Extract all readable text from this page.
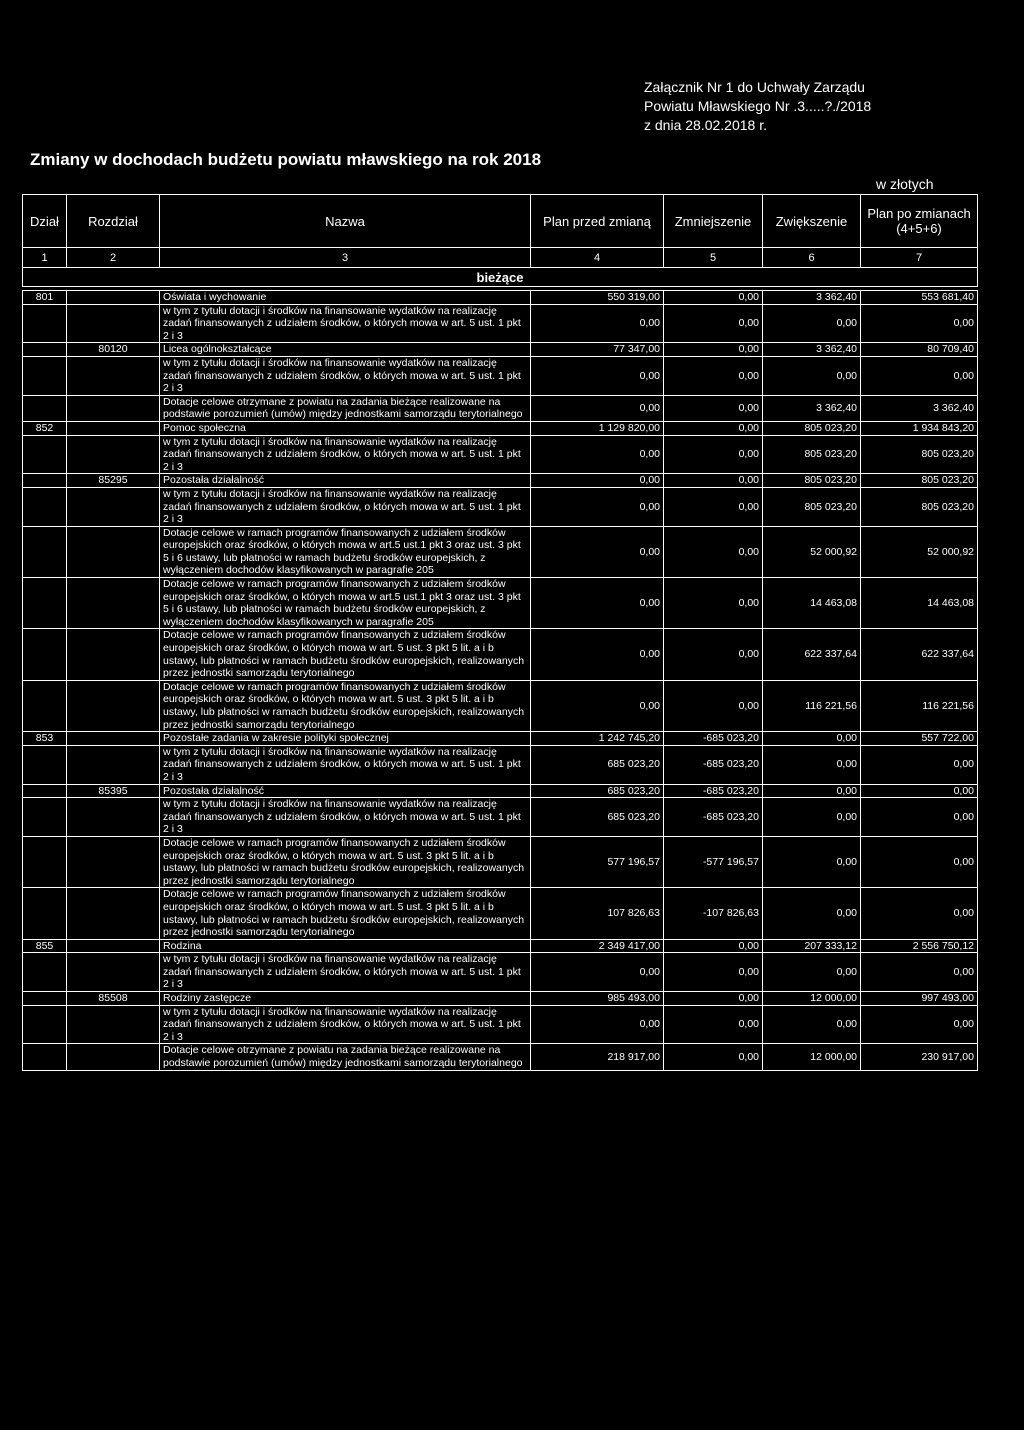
Załącznik Nr 1 do Uchwały Zarządu
Powiatu Mławskiego Nr .3.....?./2018
z dnia 28.02.2018 r.
Zmiany w dochodach budżetu powiatu mławskiego na rok 2018
w złotych
Dział	Rozdział	Nazwa	Plan przed zmianą	Zmniejszenie	Zwiększenie	Plan po zmianach (4+5+6)
1	2	3	4	5	6	7
bieżące						
801		Oświata i wychowanie	550 319,00	0,00	3 362,40	553 681,40
		w tym z tytułu dotacji i środków na finansowanie wydatków na realizację zadań finansowanych z udziałem środków, o których mowa w art. 5 ust. 1 pkt 2 i 3	0,00	0,00	0,00	0,00
	80120	Licea ogólnokształcące	77 347,00	0,00	3 362,40	80 709,40
		w tym z tytułu dotacji i środków na finansowanie wydatków na realizację zadań finansowanych z udziałem środków, o których mowa w art. 5 ust. 1 pkt 2 i 3	0,00	0,00	0,00	0,00
		Dotacje celowe otrzymane z powiatu na zadania bieżące realizowane na podstawie porozumień (umów) między jednostkami samorządu terytorialnego	0,00	0,00	3 362,40	3 362,40
852		Pomoc społeczna	1 129 820,00	0,00	805 023,20	1 934 843,20
		w tym z tytułu dotacji i środków na finansowanie wydatków na realizację zadań finansowanych z udziałem środków, o których mowa w art. 5 ust. 1 pkt 2 i 3	0,00	0,00	805 023,20	805 023,20
	85295	Pozostała działalność	0,00	0,00	805 023,20	805 023,20
		w tym z tytułu dotacji i środków na finansowanie wydatków na realizację zadań finansowanych z udziałem środków, o których mowa w art. 5 ust. 1 pkt 2 i 3	0,00	0,00	805 023,20	805 023,20
		Dotacje celowe w ramach programów finansowanych z udziałem środków europejskich oraz środków, o których mowa w art.5 ust.1 pkt 3 oraz ust. 3 pkt 5 i 6 ustawy, lub płatności w ramach budżetu środków europejskich, z wyłączeniem dochodów klasyfikowanych w paragrafie 205	0,00	0,00	52 000,92	52 000,92
		Dotacje celowe w ramach programów finansowanych z udziałem środków europejskich oraz środków, o których mowa w art.5 ust.1 pkt 3 oraz ust. 3 pkt 5 i 6 ustawy, lub płatności w ramach budżetu środków europejskich, z wyłączeniem dochodów klasyfikowanych w paragrafie 205	0,00	0,00	14 463,08	14 463,08
		Dotacje celowe w ramach programów finansowanych z udziałem środków europejskich oraz środków, o których mowa w art. 5 ust. 3 pkt 5 lit. a i b ustawy, lub płatności w ramach budżetu środków europejskich, realizowanych przez jednostki samorządu terytorialnego	0,00	0,00	622 337,64	622 337,64
		Dotacje celowe w ramach programów finansowanych z udziałem środków europejskich oraz środków, o których mowa w art. 5 ust. 3 pkt 5 lit. a i b ustawy, lub płatności w ramach budżetu środków europejskich, realizowanych przez jednostki samorządu terytorialnego	0,00	0,00	116 221,56	116 221,56
853		Pozostałe zadania w zakresie polityki społecznej	1 242 745,20	-685 023,20	0,00	557 722,00
		w tym z tytułu dotacji i środków na finansowanie wydatków na realizację zadań finansowanych z udziałem środków, o których mowa w art. 5 ust. 1 pkt 2 i 3	685 023,20	-685 023,20	0,00	0,00
	85395	Pozostała działalność	685 023,20	-685 023,20	0,00	0,00
		w tym z tytułu dotacji i środków na finansowanie wydatków na realizację zadań finansowanych z udziałem środków, o których mowa w art. 5 ust. 1 pkt 2 i 3	685 023,20	-685 023,20	0,00	0,00
		Dotacje celowe w ramach programów finansowanych z udziałem środków europejskich oraz środków, o których mowa w art. 5 ust. 3 pkt 5 lit. a i b ustawy, lub płatności w ramach budżetu środków europejskich, realizowanych przez jednostki samorządu terytorialnego	577 196,57	-577 196,57	0,00	0,00
		Dotacje celowe w ramach programów finansowanych z udziałem środków europejskich oraz środków, o których mowa w art. 5 ust. 3 pkt 5 lit. a i b ustawy, lub płatności w ramach budżetu środków europejskich, realizowanych przez jednostki samorządu terytorialnego	107 826,63	-107 826,63	0,00	0,00
855		Rodzina	2 349 417,00	0,00	207 333,12	2 556 750,12
		w tym z tytułu dotacji i środków na finansowanie wydatków na realizację zadań finansowanych z udziałem środków, o których mowa w art. 5 ust. 1 pkt 2 i 3	0,00	0,00	0,00	0,00
	85508	Rodziny zastępcze	985 493,00	0,00	12 000,00	997 493,00
		w tym z tytułu dotacji i środków na finansowanie wydatków na realizację zadań finansowanych z udziałem środków, o których mowa w art. 5 ust. 1 pkt 2 i 3	0,00	0,00	0,00	0,00
		Dotacje celowe otrzymane z powiatu na zadania bieżące realizowane na podstawie porozumień (umów) między jednostkami samorządu terytorialnego	218 917,00	0,00	12 000,00	230 917,00
